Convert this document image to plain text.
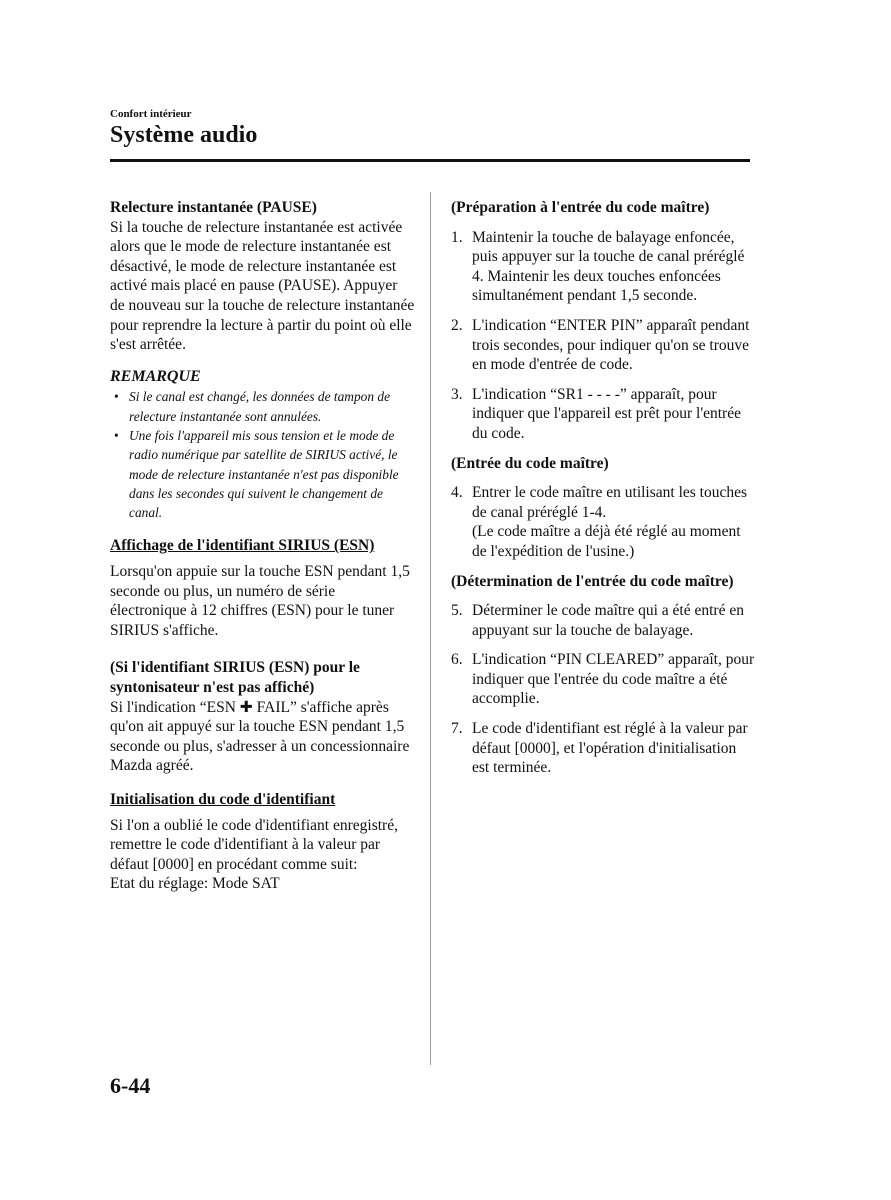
Confort intérieur
Système audio

Relecture instantanée (PAUSE)

Si la touche de relecture instantanée est activée alors que le mode de relecture instantanée est désactivé, le mode de relecture instantanée est activé mais placé en pause (PAUSE). Appuyer de nouveau sur la touche de relecture instantanée pour reprendre la lecture à partir du point où elle s'est arrêtée.

REMARQUE
• Si le canal est changé, les données de tampon de relecture instantanée sont annulées.
• Une fois l'appareil mis sous tension et le mode de radio numérique par satellite de SIRIUS activé, le mode de relecture instantanée n'est pas disponible dans les secondes qui suivent le changement de canal.

Affichage de l'identifiant SIRIUS (ESN)

Lorsqu'on appuie sur la touche ESN pendant 1,5 seconde ou plus, un numéro de série électronique à 12 chiffres (ESN) pour le tuner SIRIUS s'affiche.

(Si l'identifiant SIRIUS (ESN) pour le syntonisateur n'est pas affiché)

Si l'indication “ESN ✚ FAIL” s'affiche après qu'on ait appuyé sur la touche ESN pendant 1,5 seconde ou plus, s'adresser à un concessionnaire Mazda agréé.

Initialisation du code d'identifiant

Si l'on a oublié le code d'identifiant enregistré, remettre le code d'identifiant à la valeur par défaut [0000] en procédant comme suit:

Etat du réglage: Mode SAT

(Préparation à l'entrée du code maître)

1. Maintenir la touche de balayage enfoncée, puis appuyer sur la touche de canal préréglé 4. Maintenir les deux touches enfoncées simultanément pendant 1,5 seconde.
2. L'indication “ENTER PIN” apparaît pendant trois secondes, pour indiquer qu'on se trouve en mode d'entrée de code.
3. L'indication “SR1 - - - -” apparaît, pour indiquer que l'appareil est prêt pour l'entrée du code.

(Entrée du code maître)

4. Entrer le code maître en utilisant les touches de canal préréglé 1-4.
(Le code maître a déjà été réglé au moment de l'expédition de l'usine.)

(Détermination de l'entrée du code maître)

5. Déterminer le code maître qui a été entré en appuyant sur la touche de balayage.
6. L'indication “PIN CLEARED” apparaît, pour indiquer que l'entrée du code maître a été accomplie.
7. Le code d'identifiant est réglé à la valeur par défaut [0000], et l'opération d'initialisation est terminée.
6-44
